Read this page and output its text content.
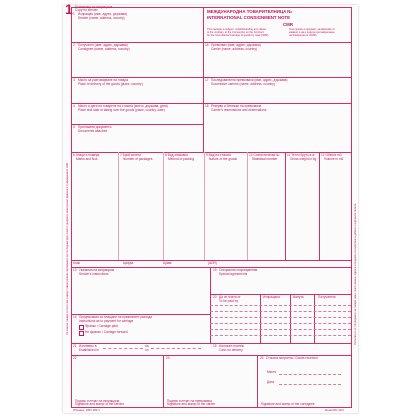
1 Екземпляр за изпращача
Copy for sender
1 Изпращач (име, адрес, държава)
Sender (name, address, country)
МЕЖДУНАРОДНА ТОВАРИТЕЛНИЦА
INTERNATIONAL CONSIGNMENT NOTE
№
CMR
Този превоз е предмет, независимо от
каквато и да е клауза противоречаща
на Конвенцията (CMR)
This carriage is subject, notwithstanding any clause
to the contrary, to the Convention on the Contract
for the International Carriage of goods by road (CMR)
2 Получател (име, адрес, държава)
Consignee (name, address, country)
16 Превозвач (име, адрес, държава)
Carrier (name, address, country)
3 Място за разтоварване на товара
Place of delivery of the goods (place, country)
17 Последователни превозвачи (име, адрес, държава)
Successive carriers (name, address, country)
4 Място и дата на товарене на стоката (място, държава, дата)
Place and date of taking over the goods (place, country, date)
18 Резерви и бележки на превозвача
Carrier's reservations and observations
5 Приложени документи
Documents attached
6 Знаци и номера
Marks and Nos
7 Брой колети
Number of packages
8 Вид опаковка
Method of packing
9 Вид на стоката
Nature of the goods
10 Статистически №
Statistical number
11 Тегло бруто в кг
Gross weight in kg
12 Обем в m3
Volume in m3
Клас	Цифра	Буква	(ADR)
13 Указания на изпращача
Sender's instructions
19 Специални споразумения
Special agreements
20 Да се плати от
To be paid by
Изпращача	Валута	Получателя
14 Предписания за плащане на превозните разходи
Instructions as to payment for carriage
Франко / Carriage paid
Не франко / Carriage forward
21 Изготвено в
Established in
на
on
15 Наложен платеж
Cash on delivery
22
Подпис и печат на изпращача
Signature and stamp of the sender
23
Подпис и печат на превозвача
Signature and stamp of the carrier
24 Стоката получена / Goods received
Място
Дата
Signature and stamp of the consignee
Образец: НРО 180-1	Model RN 10/4
За опасни товари се посочва, наред с евентуалния сертификат, на последния ред: класът, цифрата, евентуално буквата и съкращението ADR	Попълва се от отговорните за товара лица, чиито имена, адреси и подписи са изписани в дебело очертаните полета
